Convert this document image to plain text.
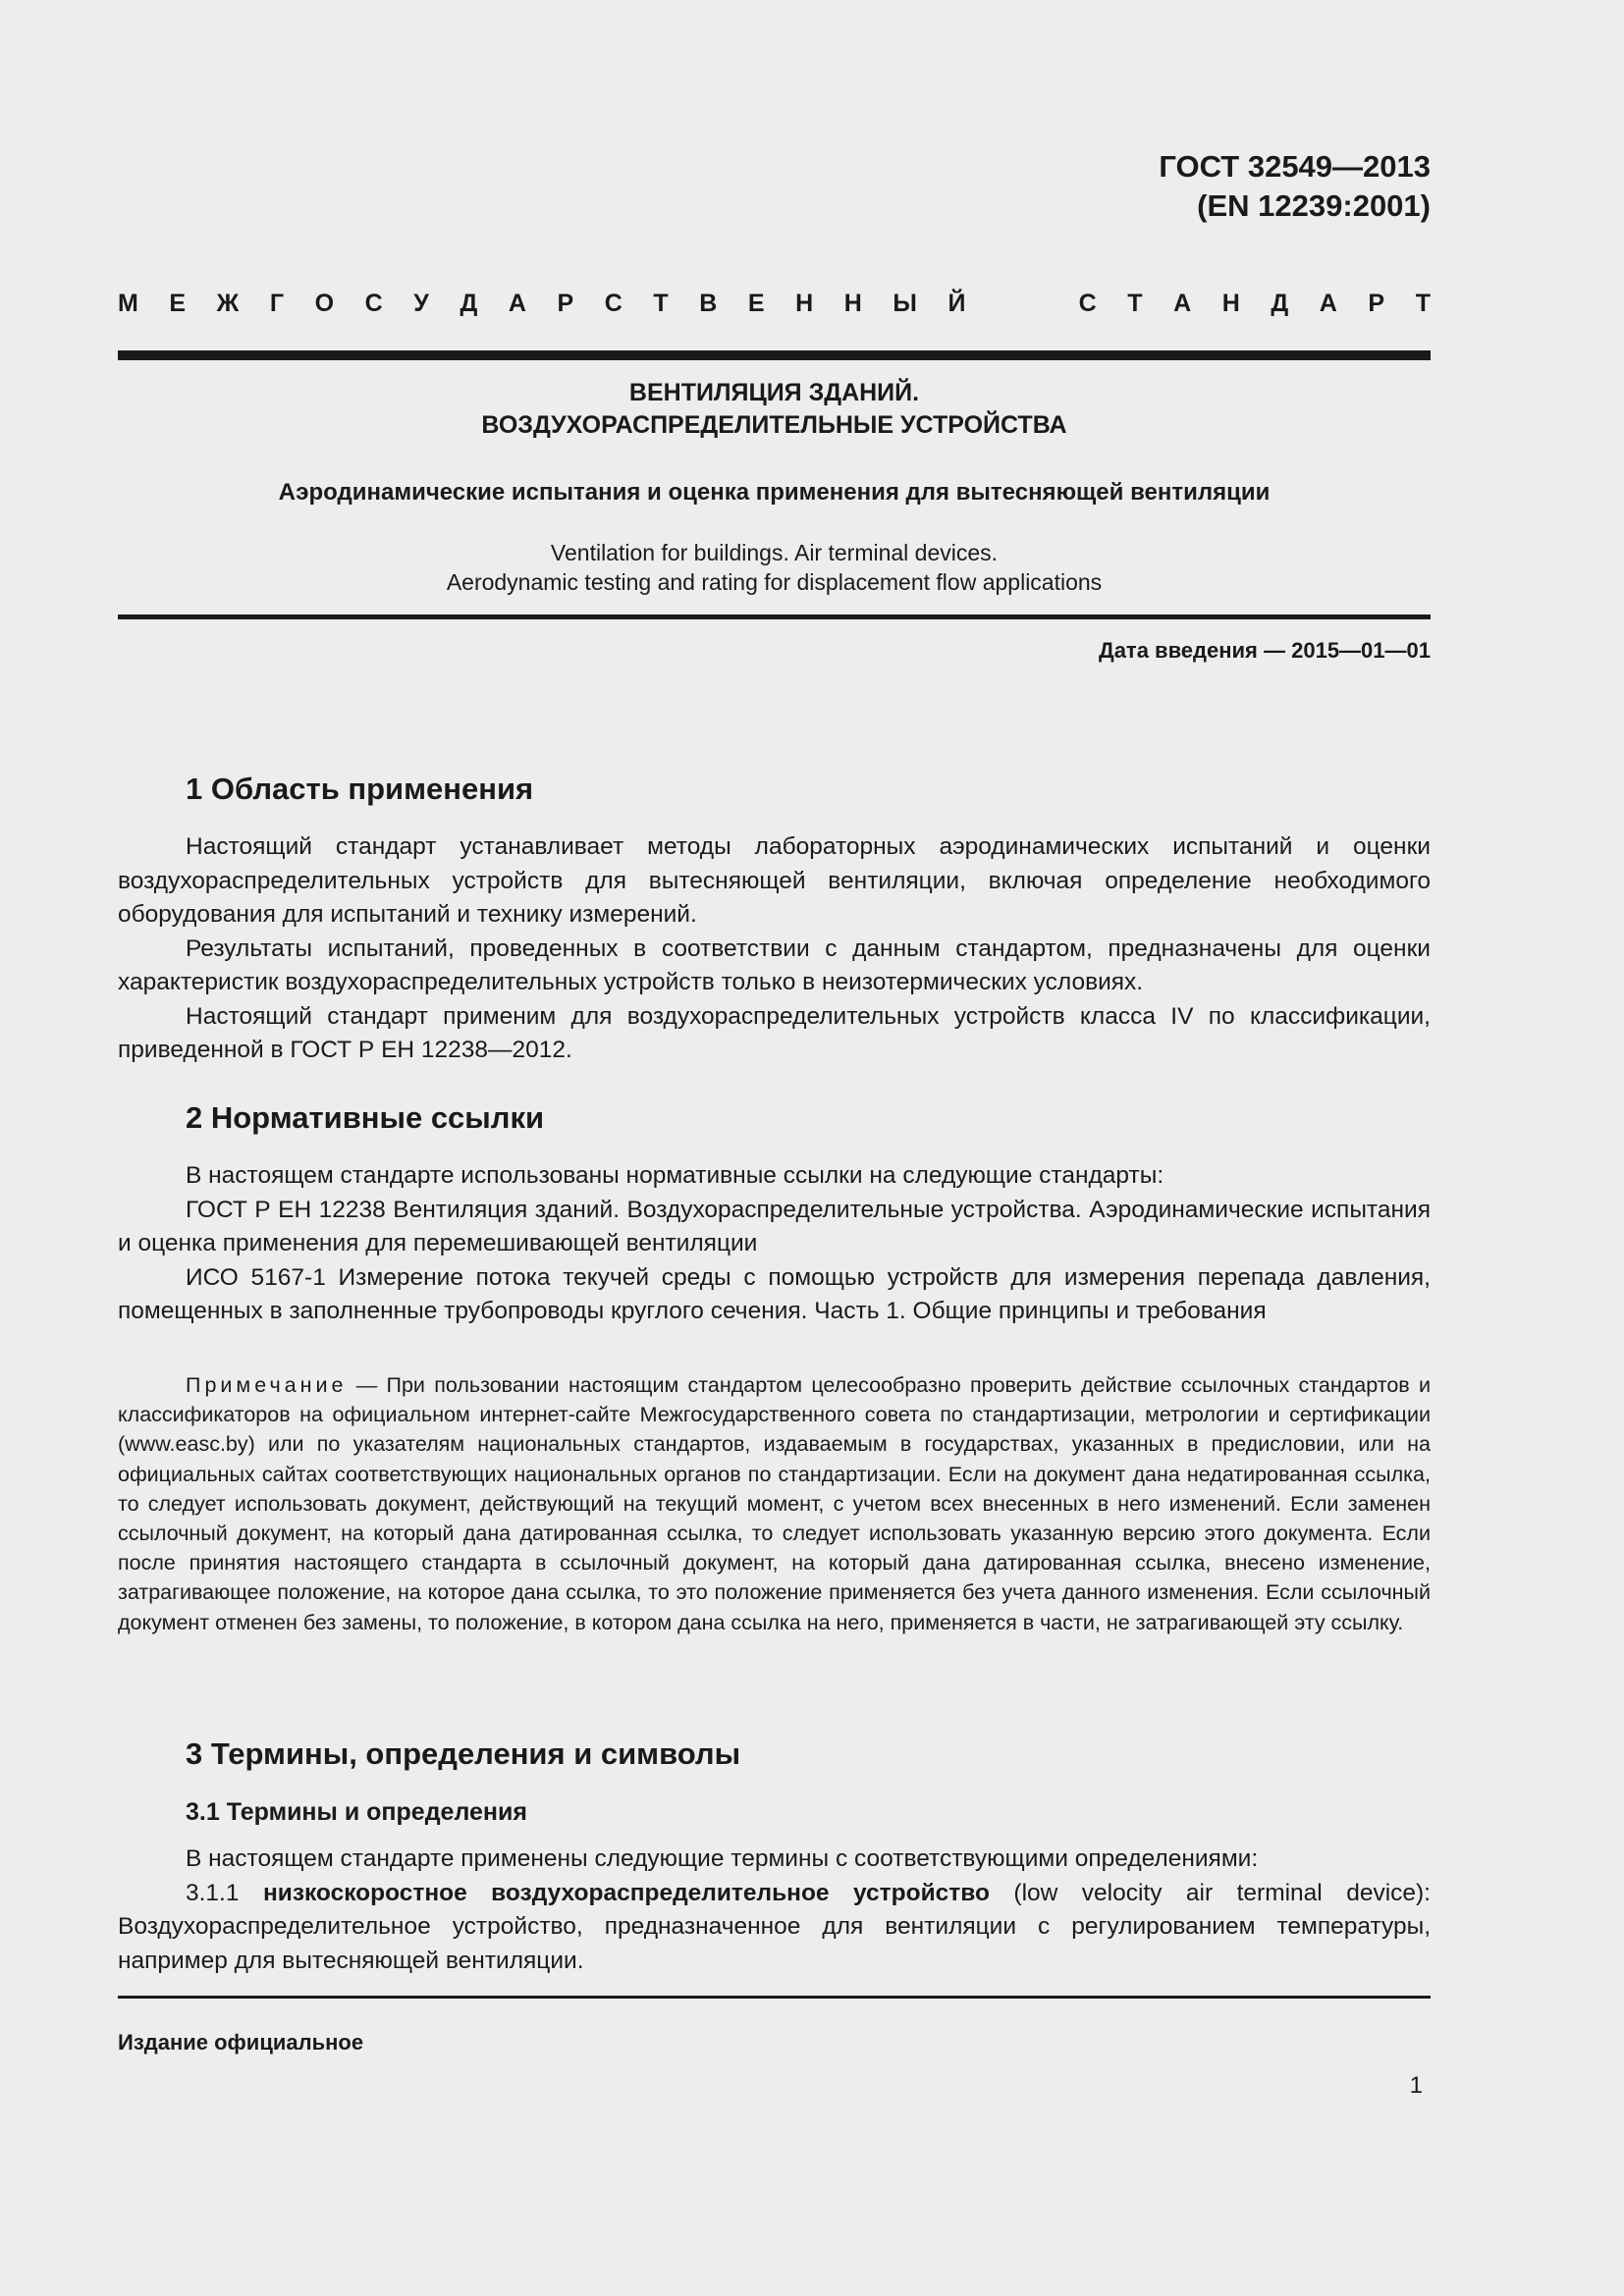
ГОСТ 32549—2013
(EN 12239:2001)
М Е Ж Г О С У Д А Р С Т В Е Н Н Ы Й	С Т А Н Д А Р Т
ВЕНТИЛЯЦИЯ ЗДАНИЙ.
ВОЗДУХОРАСПРЕДЕЛИТЕЛЬНЫЕ УСТРОЙСТВА
Аэродинамические испытания и оценка применения для вытесняющей вентиляции
Ventilation for buildings. Air terminal devices.
Aerodynamic testing and rating for displacement flow applications
Дата введения — 2015—01—01
1 Область применения

Настоящий стандарт устанавливает методы лабораторных аэродинамических испытаний и оценки воздухораспределительных устройств для вытесняющей вентиляции, включая определение необходимого оборудования для испытаний и технику измерений.

Результаты испытаний, проведенных в соответствии с данным стандартом, предназначены для оценки характеристик воздухораспределительных устройств только в неизотермических условиях.

Настоящий стандарт применим для воздухораспределительных устройств класса IV по классификации, приведенной в ГОСТ Р ЕН 12238—2012.

2 Нормативные ссылки

В настоящем стандарте использованы нормативные ссылки на следующие стандарты:

ГОСТ Р ЕН 12238 Вентиляция зданий. Воздухораспределительные устройства. Аэродинамические испытания и оценка применения для перемешивающей вентиляции

ИСО 5167-1 Измерение потока текучей среды с помощью устройств для измерения перепада давления, помещенных в заполненные трубопроводы круглого сечения. Часть 1. Общие принципы и требования

Примечание — При пользовании настоящим стандартом целесообразно проверить действие ссылочных стандартов и классификаторов на официальном интернет-сайте Межгосударственного совета по стандартизации, метрологии и сертификации (www.easc.by) или по указателям национальных стандартов, издаваемым в государствах, указанных в предисловии, или на официальных сайтах соответствующих национальных органов по стандартизации. Если на документ дана недатированная ссылка, то следует использовать документ, действующий на текущий момент, с учетом всех внесенных в него изменений. Если заменен ссылочный документ, на который дана датированная ссылка, то следует использовать указанную версию этого документа. Если после принятия настоящего стандарта в ссылочный документ, на который дана датированная ссылка, внесено изменение, затрагивающее положение, на которое дана ссылка, то это положение применяется без учета данного изменения. Если ссылочный документ отменен без замены, то положение, в котором дана ссылка на него, применяется в части, не затрагивающей эту ссылку.

3 Термины, определения и символы
3.1 Термины и определения

В настоящем стандарте применены следующие термины с соответствующими определениями:

3.1.1 низкоскоростное воздухораспределительное устройство (low velocity air terminal device): Воздухораспределительное устройство, предназначенное для вентиляции с регулированием температуры, например для вытесняющей вентиляции.

Издание официальное
1
